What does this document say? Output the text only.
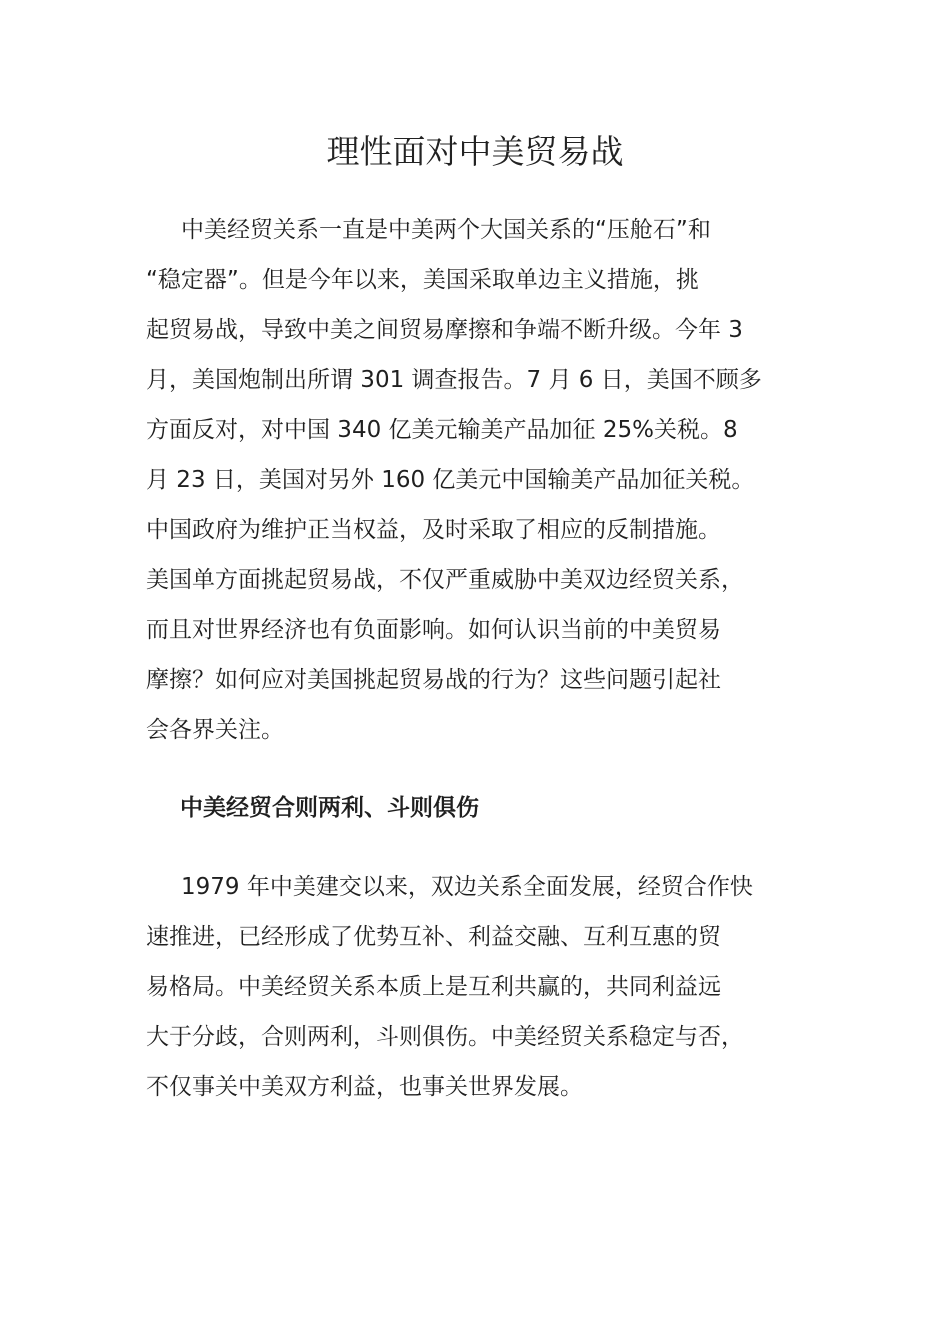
理性面对中美贸易战
中美经贸关系一直是中美两个大国关系的“压舱石”和
“稳定器”。但是今年以来，美国采取单边主义措施，挑
起贸易战，导致中美之间贸易摩擦和争端不断升级。今年 3
月，美国炮制出所谓 301 调查报告。7 月 6 日，美国不顾多
方面反对，对中国 340 亿美元输美产品加征 25%关税。8
月 23 日，美国对另外 160 亿美元中国输美产品加征关税。
中国政府为维护正当权益，及时采取了相应的反制措施。
美国单方面挑起贸易战，不仅严重威胁中美双边经贸关系，
而且对世界经济也有负面影响。如何认识当前的中美贸易
摩擦？如何应对美国挑起贸易战的行为？这些问题引起社
会各界关注。
中美经贸合则两利、斗则俱伤
1979 年中美建交以来，双边关系全面发展，经贸合作快
速推进，已经形成了优势互补、利益交融、互利互惠的贸
易格局。中美经贸关系本质上是互利共赢的，共同利益远
大于分歧，合则两利，斗则俱伤。中美经贸关系稳定与否，
不仅事关中美双方利益，也事关世界发展。
